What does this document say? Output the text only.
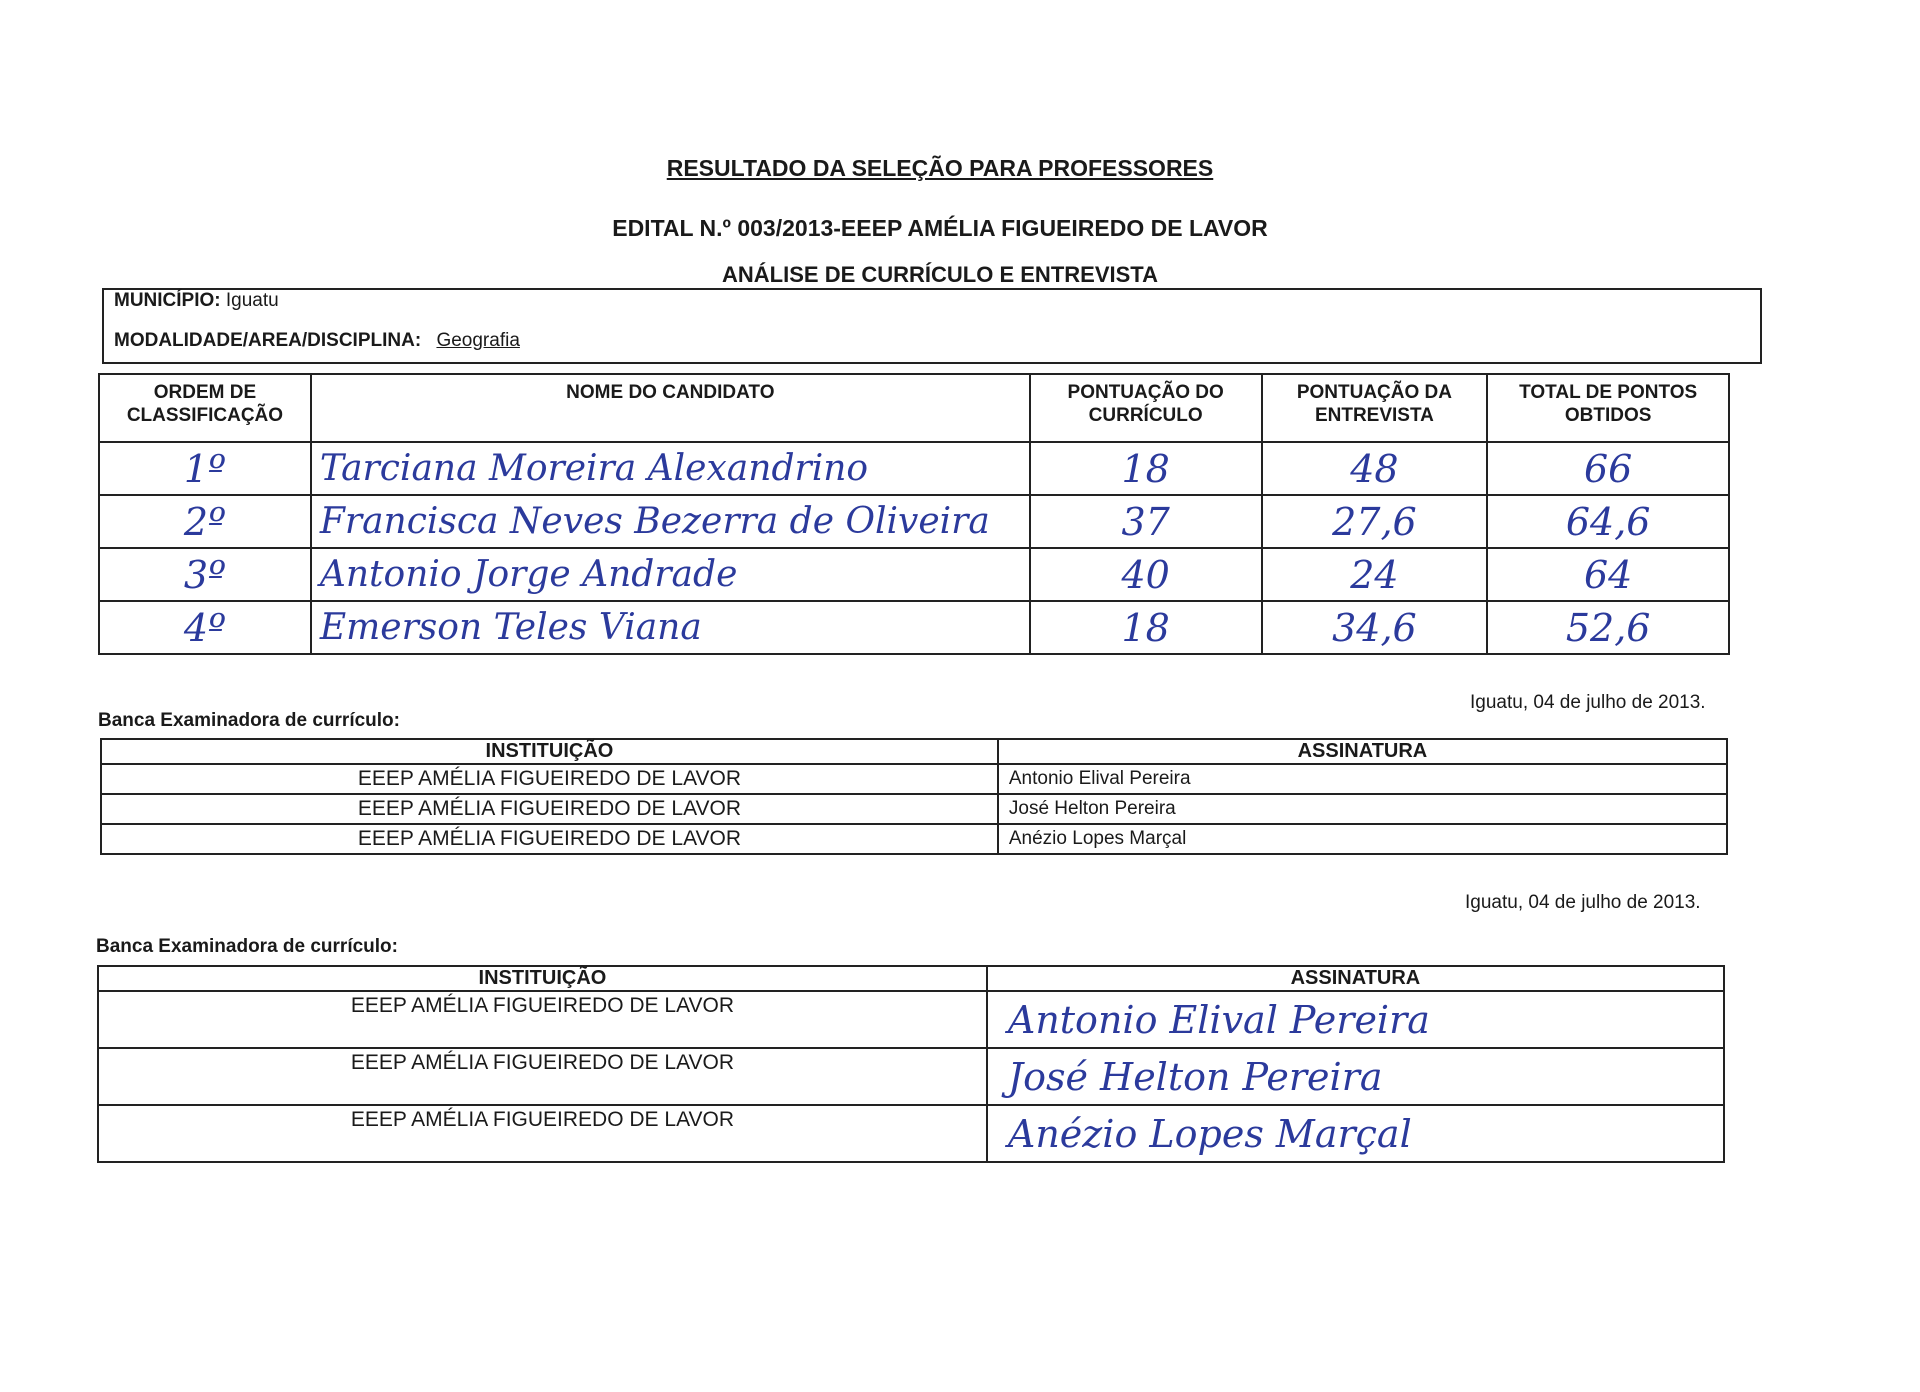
RESULTADO DA SELEÇÃO PARA PROFESSORES
EDITAL N.º 003/2013-EEEP AMÉLIA FIGUEIREDO DE LAVOR
ANÁLISE DE CURRÍCULO E ENTREVISTA
MUNICÍPIO: Iguatu
MODALIDADE/AREA/DISCIPLINA: Geografia
ORDEM DE CLASSIFICAÇÃO	NOME DO CANDIDATO	PONTUAÇÃO DO CURRÍCULO	PONTUAÇÃO DA ENTREVISTA	TOTAL DE PONTOS OBTIDOS
1º	Tarciana Moreira Alexandrino	18	48	66
2º	Francisca Neves Bezerra de Oliveira	37	27,6	64,6
3º	Antonio Jorge Andrade	40	24	64
4º	Emerson Teles Viana	18	34,6	52,6
Iguatu, 04 de julho de 2013.
Banca Examinadora de currículo:
INSTITUIÇÃO	ASSINATURA
EEEP AMÉLIA FIGUEIREDO DE LAVOR	Antonio Elival Pereira
EEEP AMÉLIA FIGUEIREDO DE LAVOR	José Helton Pereira
EEEP AMÉLIA FIGUEIREDO DE LAVOR	Anézio Lopes Marçal
Iguatu, 04 de julho de 2013.
Banca Examinadora de currículo:
INSTITUIÇÃO	ASSINATURA
EEEP AMÉLIA FIGUEIREDO DE LAVOR	Antonio Elival Pereira

EEEP AMÉLIA FIGUEIREDO DE LAVOR	José Helton Pereira

EEEP AMÉLIA FIGUEIREDO DE LAVOR	Anézio Lopes Marçal
